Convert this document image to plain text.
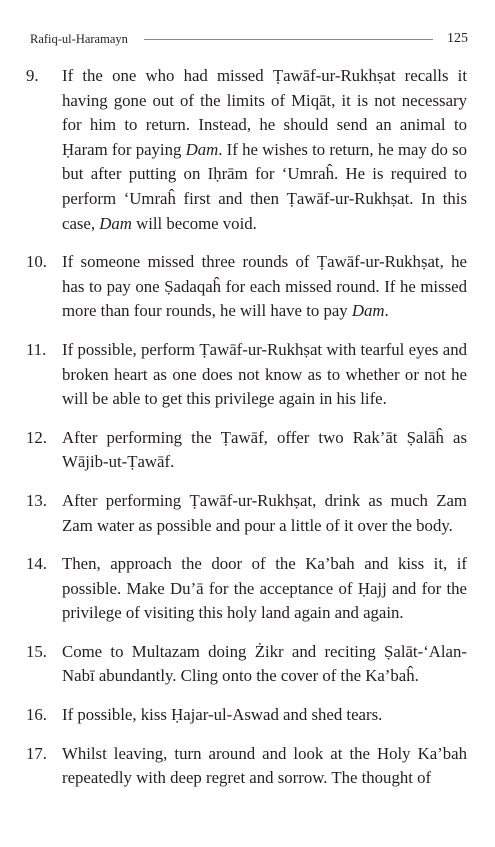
Rafiq-ul-Haramayn	125
9.	If the one who had missed Ṭawāf-ur-Rukhṣat recalls it having gone out of the limits of Miqāt, it is not necessary for him to return. Instead, he should send an animal to Ḥaram for paying Dam. If he wishes to return, he may do so but after putting on Iḥrām for ‘Umraĥ. He is required to perform ‘Umraĥ first and then Ṭawāf-ur-Rukhṣat. In this case, Dam will become void.
10. If someone missed three rounds of Ṭawāf-ur-Rukhṣat, he has to pay one Ṣadaqaĥ for each missed round. If he missed more than four rounds, he will have to pay Dam.
11. If possible, perform Ṭawāf-ur-Rukhṣat with tearful eyes and broken heart as one does not know as to whether or not he will be able to get this privilege again in his life.
12. After performing the Ṭawāf, offer two Rak’āt Ṣalāĥ as Wājib-ut-Ṭawāf.
13. After performing Ṭawāf-ur-Rukhṣat, drink as much Zam Zam water as possible and pour a little of it over the body.
14. Then, approach the door of the Ka’bah and kiss it, if possible. Make Du’ā for the acceptance of Ḥajj and for the privilege of visiting this holy land again and again.
15. Come to Multazam doing Żikr and reciting Ṣalāt-‘Alan-Nabī abundantly. Cling onto the cover of the Ka’baĥ.
16. If possible, kiss Ḥajar-ul-Aswad and shed tears.
17. Whilst leaving, turn around and look at the Holy Ka’bah repeatedly with deep regret and sorrow. The thought of
